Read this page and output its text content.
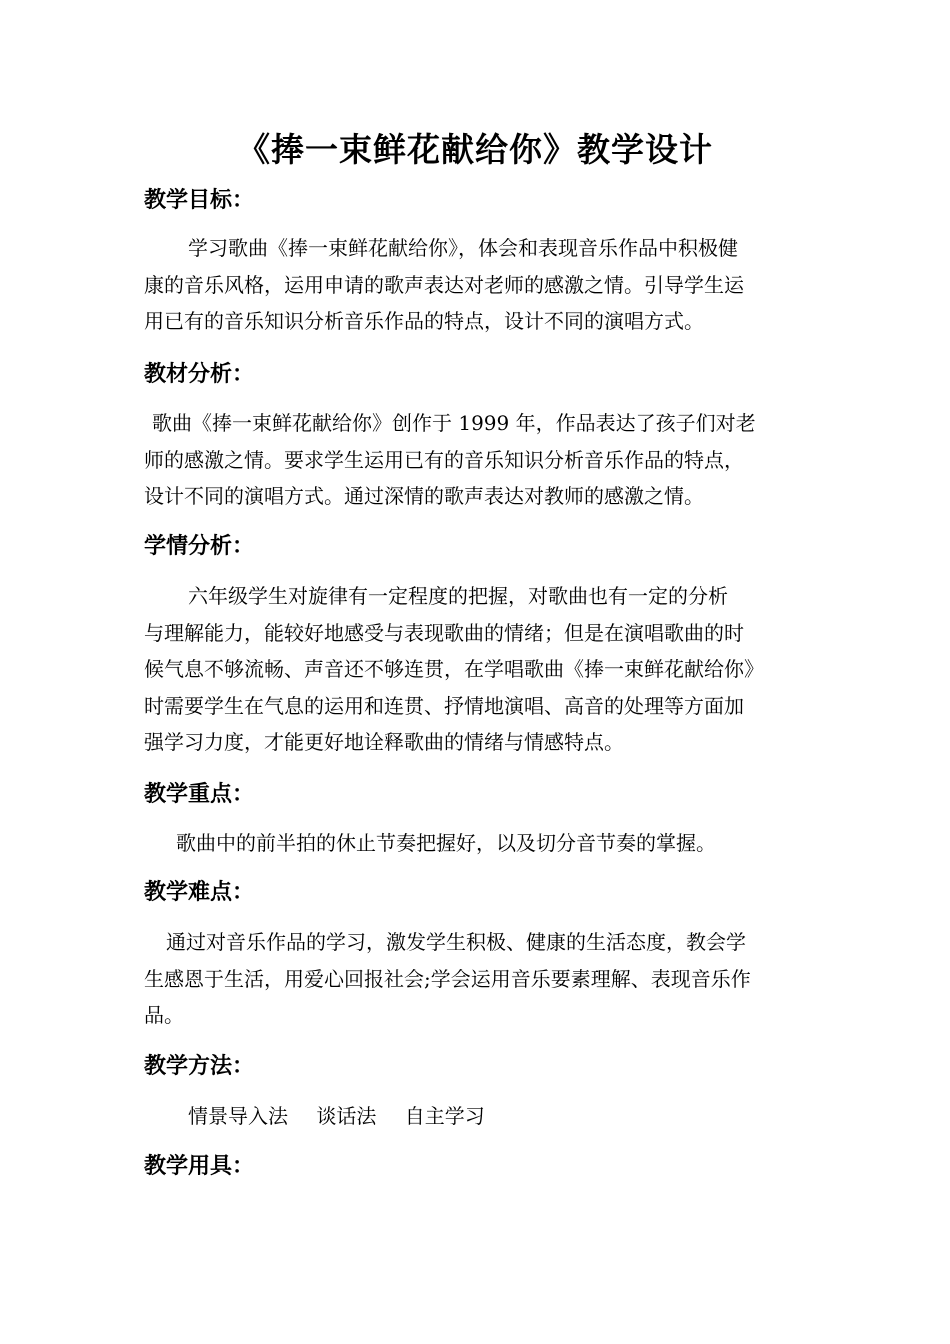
《捧一束鲜花献给你》教学设计
教学目标：
学习歌曲《捧一束鲜花献给你》，体会和表现音乐作品中积极健
康的音乐风格，运用申请的歌声表达对老师的感激之情。引导学生运
用已有的音乐知识分析音乐作品的特点，设计不同的演唱方式。
教材分析：
歌曲《捧一束鲜花献给你》创作于 1999 年，作品表达了孩子们对老
师的感激之情。要求学生运用已有的音乐知识分析音乐作品的特点，
设计不同的演唱方式。通过深情的歌声表达对教师的感激之情。
学情分析：
六年级学生对旋律有一定程度的把握，对歌曲也有一定的分析
与理解能力，能较好地感受与表现歌曲的情绪；但是在演唱歌曲的时
候气息不够流畅、声音还不够连贯，在学唱歌曲《捧一束鲜花献给你》
时需要学生在气息的运用和连贯、抒情地演唱、高音的处理等方面加
强学习力度，才能更好地诠释歌曲的情绪与情感特点。
教学重点：
歌曲中的前半拍的休止节奏把握好，以及切分音节奏的掌握。
教学难点：
通过对音乐作品的学习，激发学生积极、健康的生活态度，教会学
生感恩于生活，用爱心回报社会;学会运用音乐要素理解、表现音乐作
品。
教学方法：
情景导入法 谈话法 自主学习
教学用具：
